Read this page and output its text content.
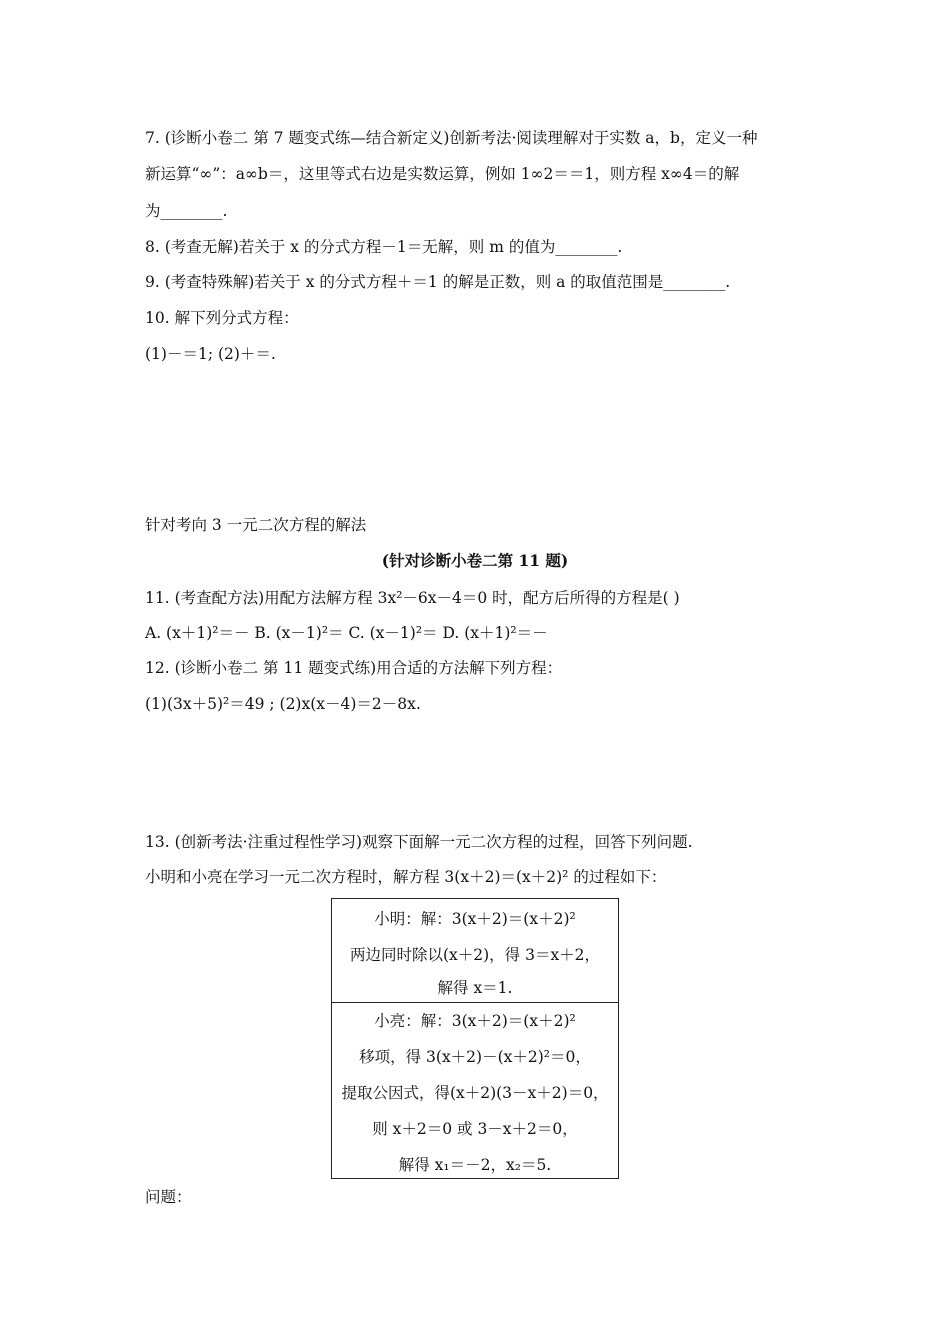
7. (诊断小卷二 第 7 题变式练—结合新定义)创新考法·阅读理解对于实数 a，b，定义一种
新运算“∞”：a∞b＝，这里等式右边是实数运算，例如 1∞2＝＝1，则方程 x∞4＝的解
为________.
8. (考查无解)若关于 x 的分式方程－1＝无解，则 m 的值为________.
9. (考查特殊解)若关于 x 的分式方程＋＝1 的解是正数，则 a 的取值范围是________.
10. 解下列分式方程：
(1)－＝1; (2)＋＝.
针对考向 3 一元二次方程的解法
(针对诊断小卷二第 11 题)
11. (考查配方法)用配方法解方程 3x²－6x－4＝0 时，配方后所得的方程是( )
A. (x＋1)²＝－ B. (x－1)²＝ C. (x－1)²＝ D. (x＋1)²＝－
12. (诊断小卷二 第 11 题变式练)用合适的方法解下列方程：
(1)(3x＋5)²＝49 ; (2)x(x－4)＝2－8x.
13. (创新考法·注重过程性学习)观察下面解一元二次方程的过程，回答下列问题.
小明和小亮在学习一元二次方程时，解方程 3(x＋2)＝(x＋2)² 的过程如下：
小明：解：3(x＋2)＝(x＋2)²
两边同时除以(x＋2)，得 3＝x＋2，
解得 x＝1.
小亮：解：3(x＋2)＝(x＋2)²
移项，得 3(x＋2)－(x＋2)²＝0，
提取公因式，得(x＋2)(3－x＋2)＝0，
则 x＋2＝0 或 3－x＋2＝0，
解得 x₁＝－2，x₂＝5.
问题：
